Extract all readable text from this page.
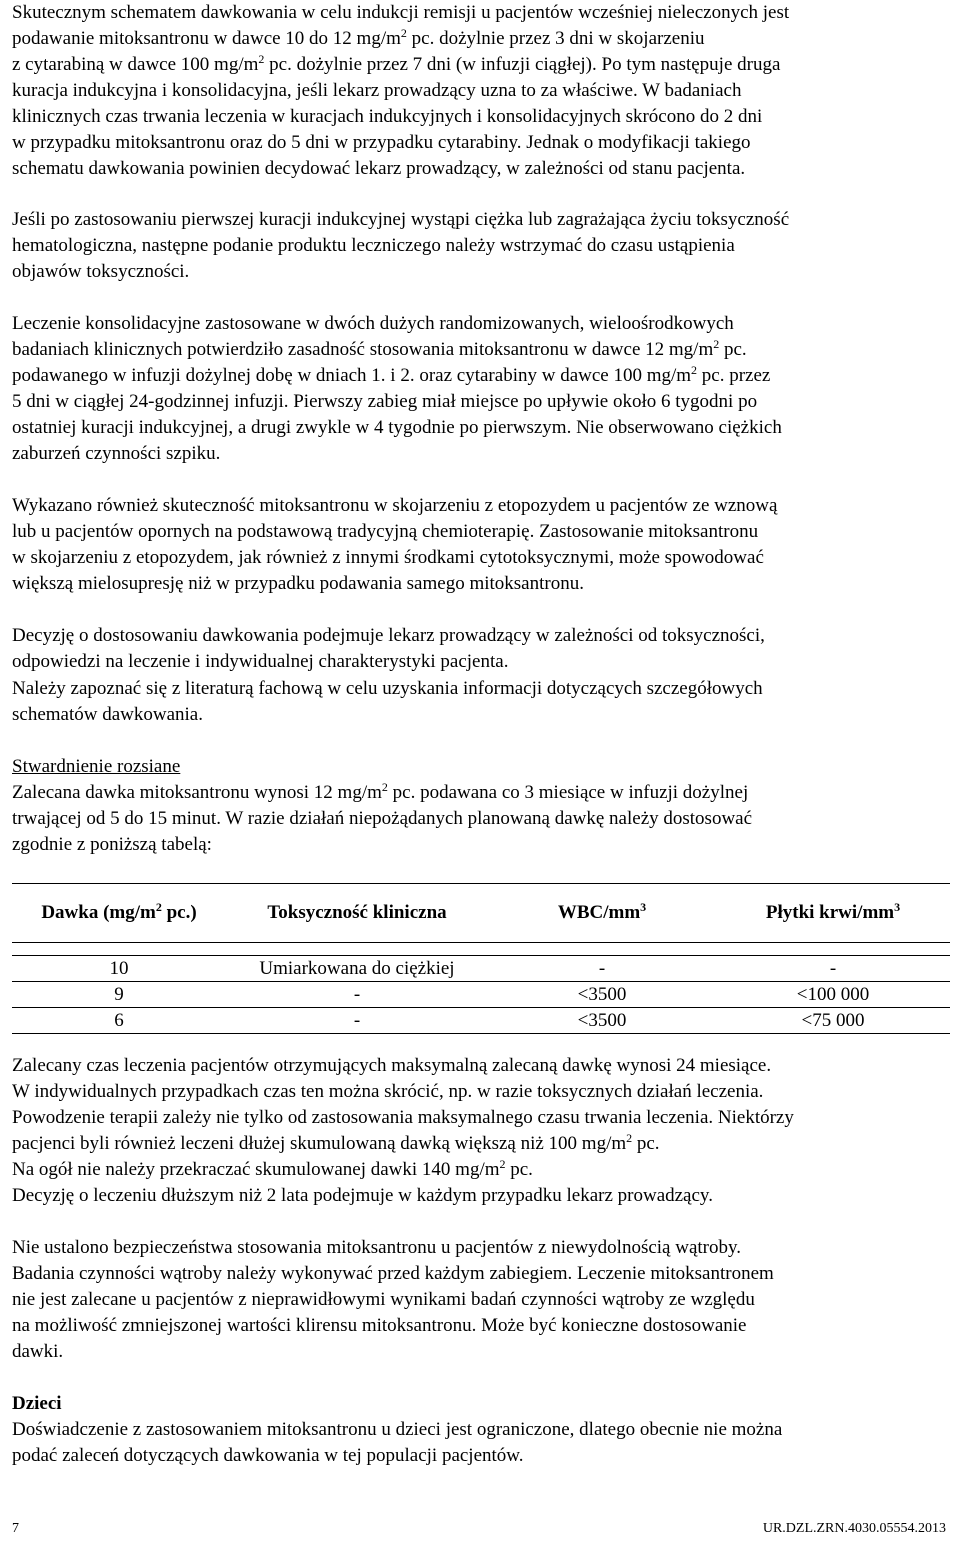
Skutecznym schematem dawkowania w celu indukcji remisji u pacjentów wcześniej nieleczonych jest

podawanie mitoksantronu w dawce 10 do 12 $mg/m^2$ pc. dożylnie przez 3 dni w skojarzeniu

z cytarabiną w dawce 100 $mg/m^2$ pc. dożylnie przez 7 dni (w infuzji ciągłej). Po tym następuje druga

kuracja indukcyjna i konsolidacyjna, jeśli lekarz prowadzący uzna to za właściwe. W badaniach

klinicznych czas trwania leczenia w kuracjach indukcyjnych i konsolidacyjnych skrócono do 2 dni

w przypadku mitoksantronu oraz do 5 dni w przypadku cytarabiny. Jednak o modyfikacji takiego

schematu dawkowania powinien decydować lekarz prowadzący, w zależności od stanu pacjenta.

Jeśli po zastosowaniu pierwszej kuracji indukcyjnej wystąpi ciężka lub zagrażająca życiu toksyczność

hematologiczna, następne podanie produktu leczniczego należy wstrzymać do czasu ustąpienia

objawów toksyczności.

Leczenie konsolidacyjne zastosowane w dwóch dużych randomizowanych, wieloośrodkowych

badaniach klinicznych potwierdziło zasadność stosowania mitoksantronu w dawce 12 $mg/m^2$ pc.

podawanego w infuzji dożylnej dobę w dniach 1. i 2. oraz cytarabiny w dawce 100 $mg/m^2$ pc. przez

5 dni w ciągłej 24-godzinnej infuzji. Pierwszy zabieg miał miejsce po upływie około 6 tygodni po

ostatniej kuracji indukcyjnej, a drugi zwykle w 4 tygodnie po pierwszym. Nie obserwowano ciężkich

zaburzeń czynności szpiku.

Wykazano również skuteczność mitoksantronu w skojarzeniu z etopozydem u pacjentów ze wznową

lub u pacjentów opornych na podstawową tradycyjną chemioterapię. Zastosowanie mitoksantronu

w skojarzeniu z etopozydem, jak również z innymi środkami cytotoksycznymi, może spowodować

większą mielosupresję niż w przypadku podawania samego mitoksantronu.

Decyzję o dostosowaniu dawkowania podejmuje lekarz prowadzący w zależności od toksyczności,

odpowiedzi na leczenie i indywidualnej charakterystyki pacjenta.

Należy zapoznać się z literaturą fachową w celu uzyskania informacji dotyczących szczegółowych

schematów dawkowania.

Stwardnienie rozsiane

Zalecana dawka mitoksantronu wynosi 12 $mg/m^2$ pc. podawana co 3 miesiące w infuzji dożylnej

trwającej od 5 do 15 minut. W razie działań niepożądanych planowaną dawkę należy dostosować

zgodnie z poniższą tabelą:

Dawka ($mg/m^2$ pc.)	Toksyczność kliniczna	WBC/$mm^3$	Płytki krwi/$mm^3$

10	Umiarkowana do ciężkiej	-	-
9	-	<3500	<100 000
6	-	<3500	<75 000

Zalecany czas leczenia pacjentów otrzymujących maksymalną zalecaną dawkę wynosi 24 miesiące.

W indywidualnych przypadkach czas ten można skrócić, np. w razie toksycznych działań leczenia.

Powodzenie terapii zależy nie tylko od zastosowania maksymalnego czasu trwania leczenia. Niektórzy

pacjenci byli również leczeni dłużej skumulowaną dawką większą niż 100 $mg/m^2$ pc.

Na ogół nie należy przekraczać skumulowanej dawki 140 $mg/m^2$ pc.

Decyzję o leczeniu dłuższym niż 2 lata podejmuje w każdym przypadku lekarz prowadzący.

Nie ustalono bezpieczeństwa stosowania mitoksantronu u pacjentów z niewydolnością wątroby.

Badania czynności wątroby należy wykonywać przed każdym zabiegiem. Leczenie mitoksantronem

nie jest zalecane u pacjentów z nieprawidłowymi wynikami badań czynności wątroby ze względu

na możliwość zmniejszonej wartości klirensu mitoksantronu. Może być konieczne dostosowanie

dawki.

Dzieci

Doświadczenie z zastosowaniem mitoksantronu u dzieci jest ograniczone, dlatego obecnie nie można

podać zaleceń dotyczących dawkowania w tej populacji pacjentów.

7	UR.DZL.ZRN.4030.05554.2013
